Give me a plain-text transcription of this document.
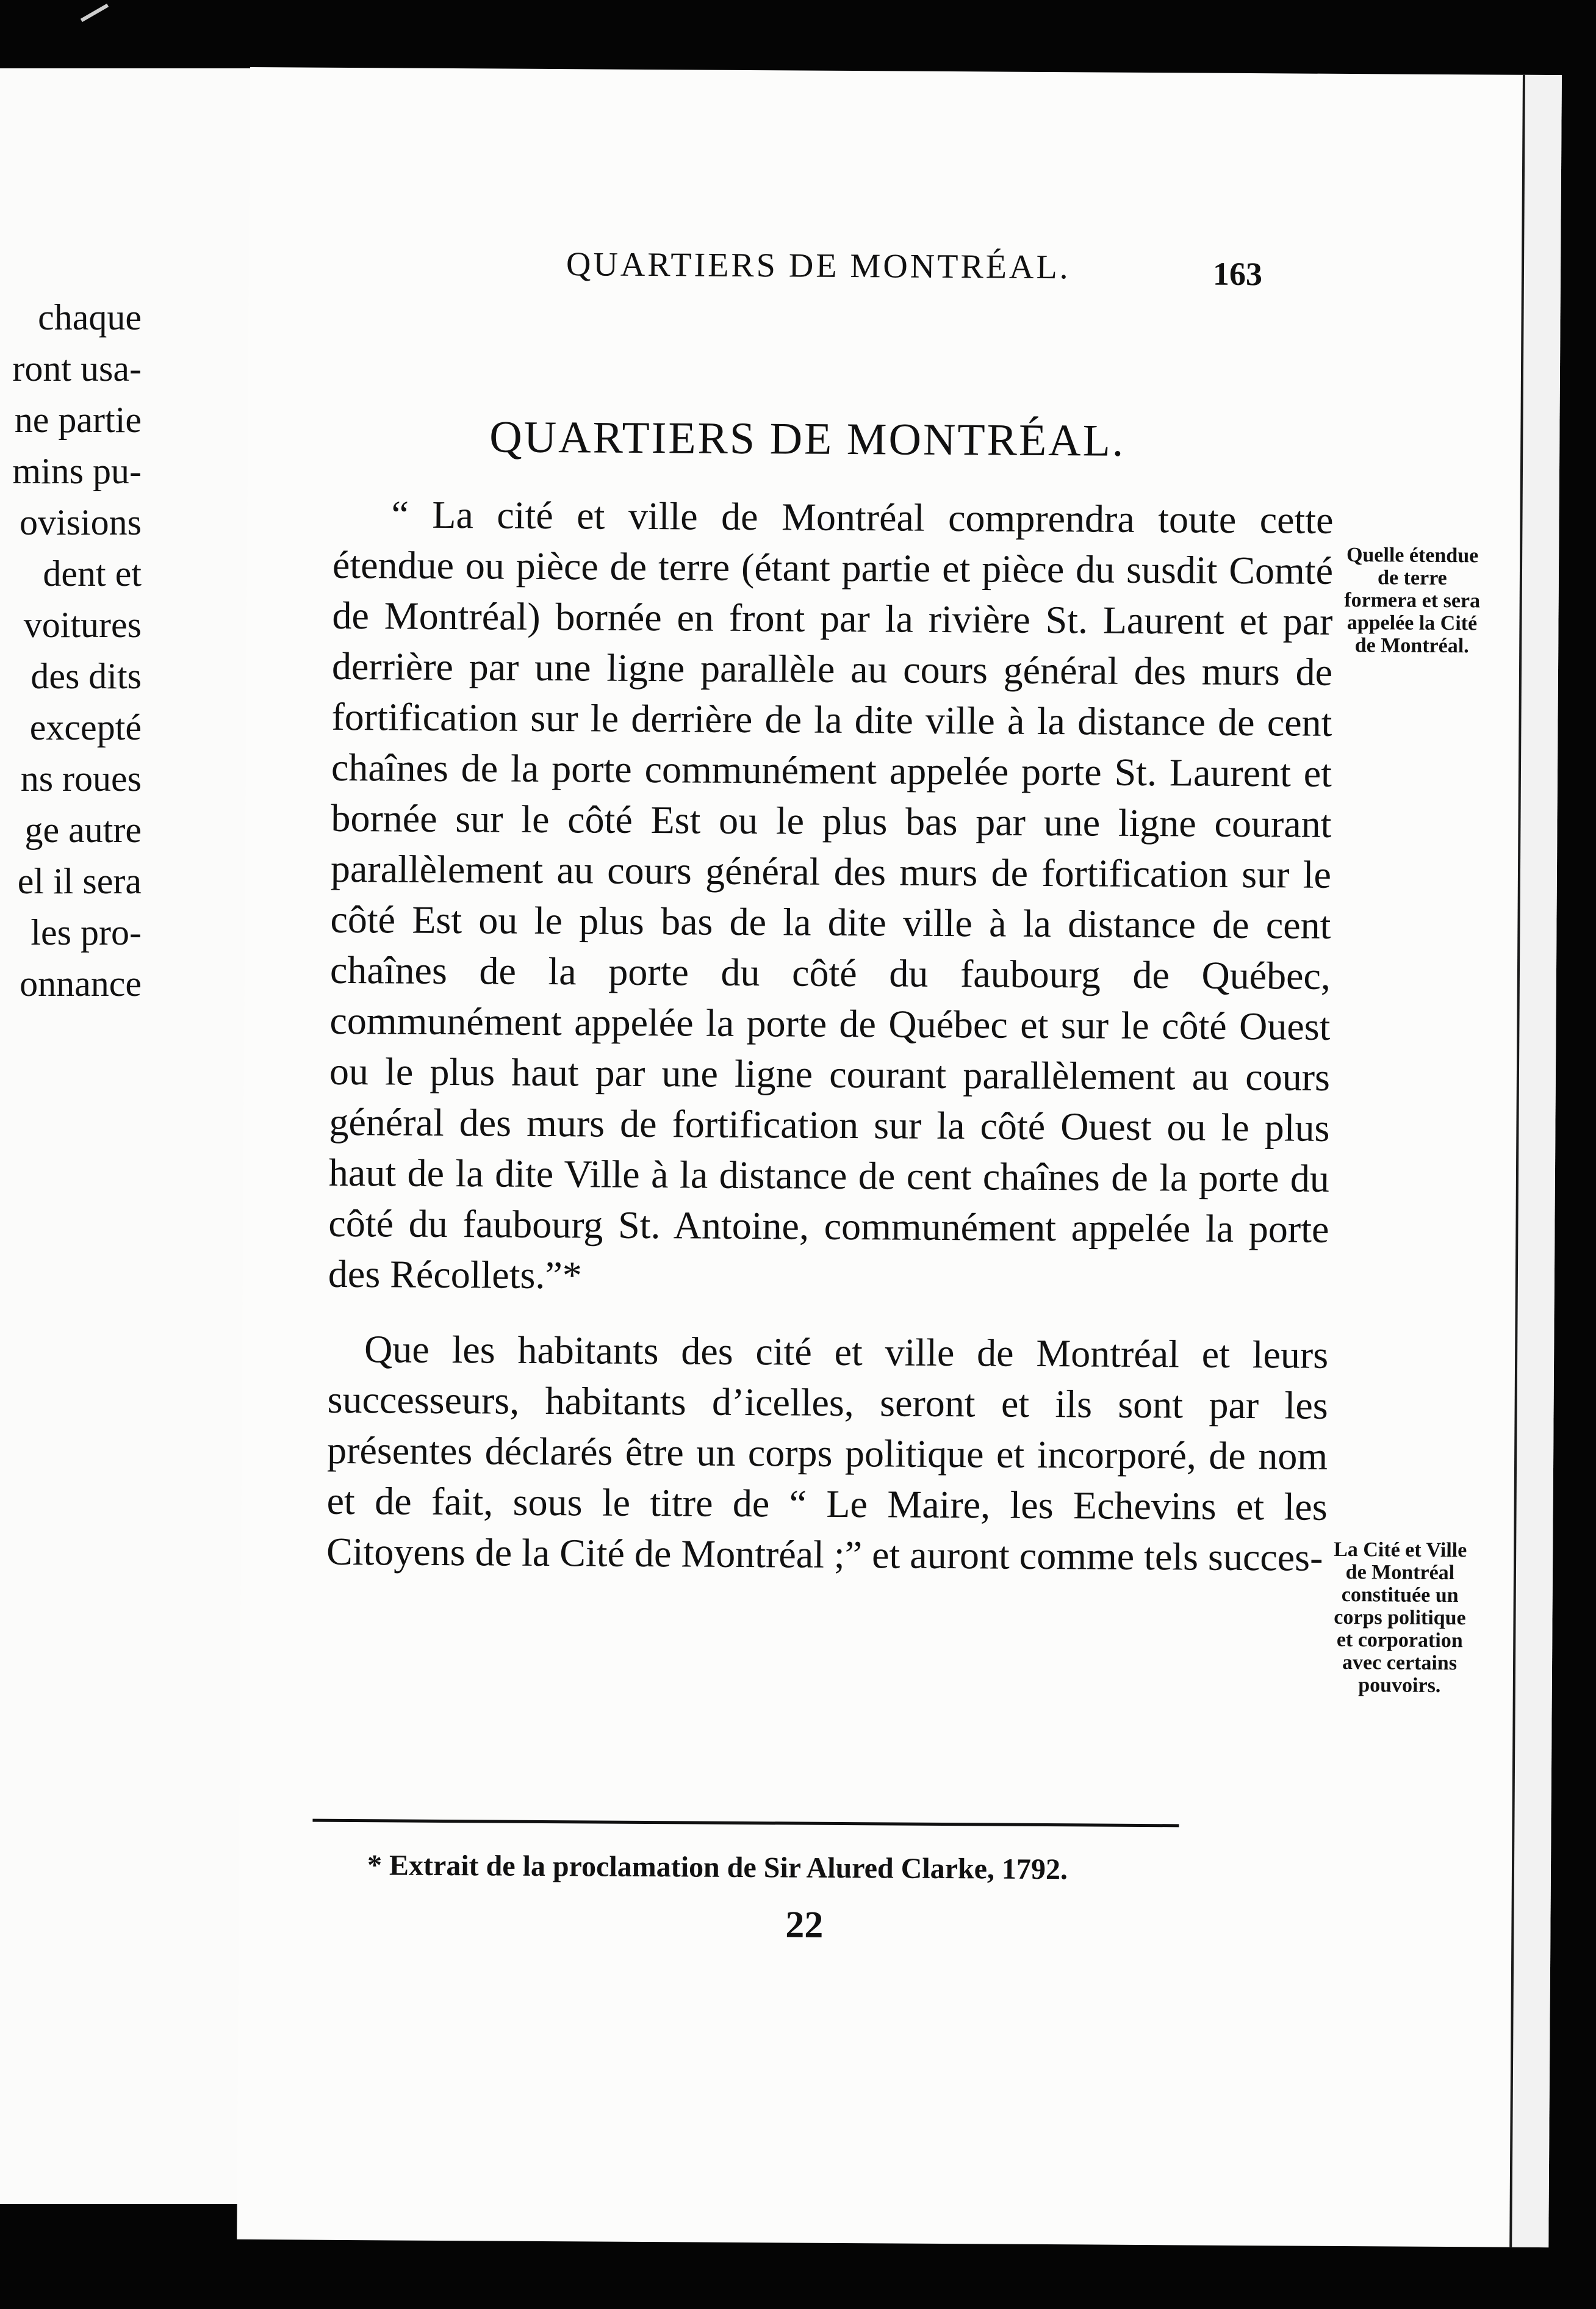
chaque
ront usa-
ne partie
mins pu-
ovisions
dent et
voitures
des dits
excepté
ns roues
ge autre
el il sera
les pro-
onnance
QUARTIERS DE MONTRÉAL.	163
QUARTIERS DE MONTRÉAL.

“ La cité et ville de Montréal comprendra toute cette étendue ou pièce de terre (étant partie et pièce du susdit Comté de Montréal) bornée en front par la rivière St. Laurent et par derrière par une ligne parallèle au cours général des murs de fortification sur le derrière de la dite ville à la distance de cent chaînes de la porte communément appelée porte St. Laurent et bornée sur le côté Est ou le plus bas par une ligne courant parallèlement au cours général des murs de fortification sur le côté Est ou le plus bas de la dite ville à la distance de cent chaînes de la porte du côté du faubourg de Québec, communément appelée la porte de Québec et sur le côté Ouest ou le plus haut par une ligne courant parallèlement au cours général des murs de fortification sur la côté Ouest ou le plus haut de la dite Ville à la distance de cent chaînes de la porte du côté du faubourg St. Antoine, communément appelée la porte des Récollets.”*

Que les habitants des cité et ville de Montréal et leurs successeurs, habitants d’icelles, seront et ils sont par les présentes déclarés être un corps politique et incorporé, de nom et de fait, sous le titre de “ Le Maire, les Echevins et les Citoyens de la Cité de Montréal ;” et auront comme tels succes-

Quelle étendue de terre formera et sera appelée la Cité de Montréal.
La Cité et Ville de Montréal constituée un corps politique et corporation avec certains pouvoirs.
* Extrait de la proclamation de Sir Alured Clarke, 1792.
22
